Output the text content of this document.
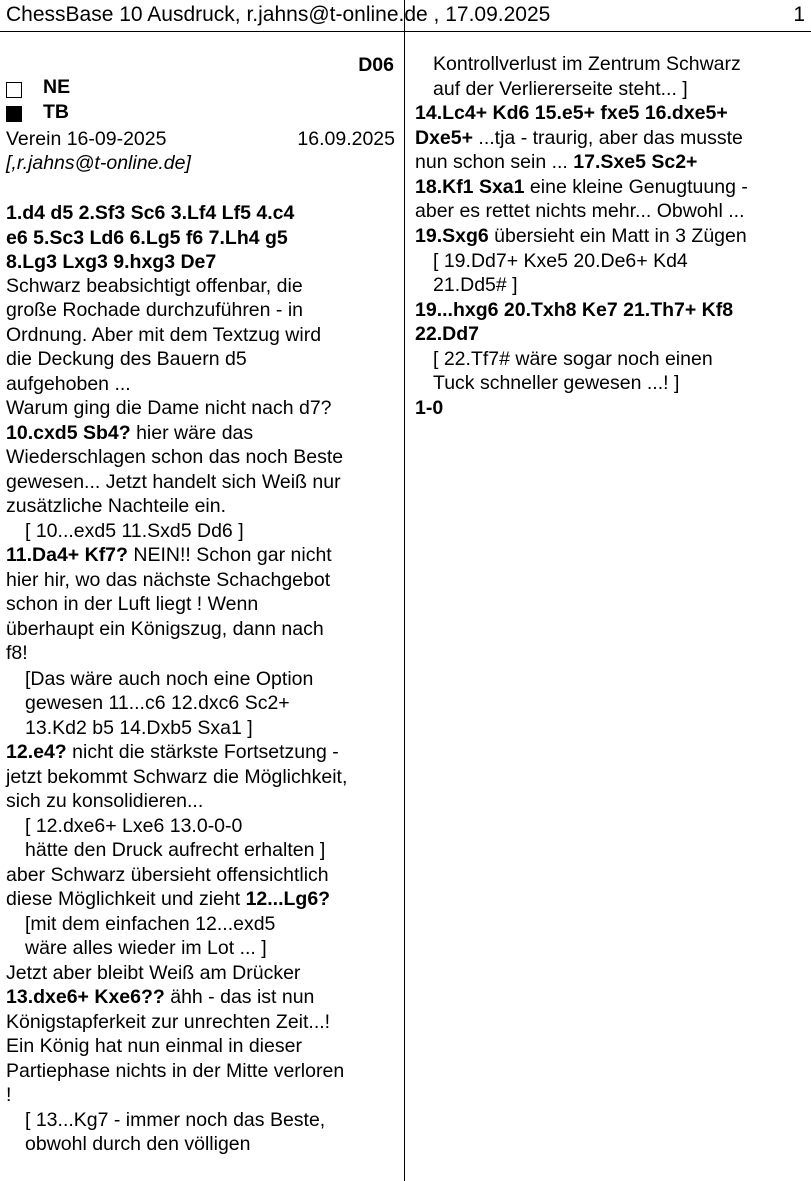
ChessBase 10 Ausdruck, r.jahns@t-online.de , 17.09.2025	1
D06
NE
TB
Verein 16-09-2025	16.09.2025
[,r.jahns@t-online.de]
1.d4 d5 2.Sf3 Sc6 3.Lf4 Lf5 4.c4
e6 5.Sc3 Ld6 6.Lg5 f6 7.Lh4 g5
8.Lg3 Lxg3 9.hxg3 De7
Schwarz beabsichtigt offenbar, die
große Rochade durchzuführen - in
Ordnung. Aber mit dem Textzug wird
die Deckung des Bauern d5
aufgehoben ...
Warum ging die Dame nicht nach d7?
10.cxd5 Sb4? hier wäre das
Wiederschlagen schon das noch Beste
gewesen... Jetzt handelt sich Weiß nur
zusätzliche Nachteile ein.
[ 10...exd5 11.Sxd5 Dd6 ]
11.Da4+ Kf7? NEIN!! Schon gar nicht
hier hir, wo das nächste Schachgebot
schon in der Luft liegt ! Wenn
überhaupt ein Königszug, dann nach
f8!
[Das wäre auch noch eine Option
gewesen 11...c6 12.dxc6 Sc2+
13.Kd2 b5 14.Dxb5 Sxa1 ]
12.e4? nicht die stärkste Fortsetzung -
jetzt bekommt Schwarz die Möglichkeit,
sich zu konsolidieren...
[ 12.dxe6+ Lxe6 13.0-0-0
hätte den Druck aufrecht erhalten ]
aber Schwarz übersieht offensichtlich
diese Möglichkeit und zieht 12...Lg6?
[mit dem einfachen 12...exd5
wäre alles wieder im Lot ... ]
Jetzt aber bleibt Weiß am Drücker
13.dxe6+ Kxe6?? ähh - das ist nun
Königstapferkeit zur unrechten Zeit...!
Ein König hat nun einmal in dieser
Partiephase nichts in der Mitte verloren
!
[ 13...Kg7 - immer noch das Beste,
obwohl durch den völligen
Kontrollverlust im Zentrum Schwarz
auf der Verliererseite steht... ]
14.Lc4+ Kd6 15.e5+ fxe5 16.dxe5+
Dxe5+ ...tja - traurig, aber das musste
nun schon sein ... 17.Sxe5 Sc2+
18.Kf1 Sxa1 eine kleine Genugtuung -
aber es rettet nichts mehr... Obwohl ...
19.Sxg6 übersieht ein Matt in 3 Zügen
[ 19.Dd7+ Kxe5 20.De6+ Kd4
21.Dd5# ]
19...hxg6 20.Txh8 Ke7 21.Th7+ Kf8
22.Dd7
[ 22.Tf7# wäre sogar noch einen
Tuck schneller gewesen ...! ]
1-0
